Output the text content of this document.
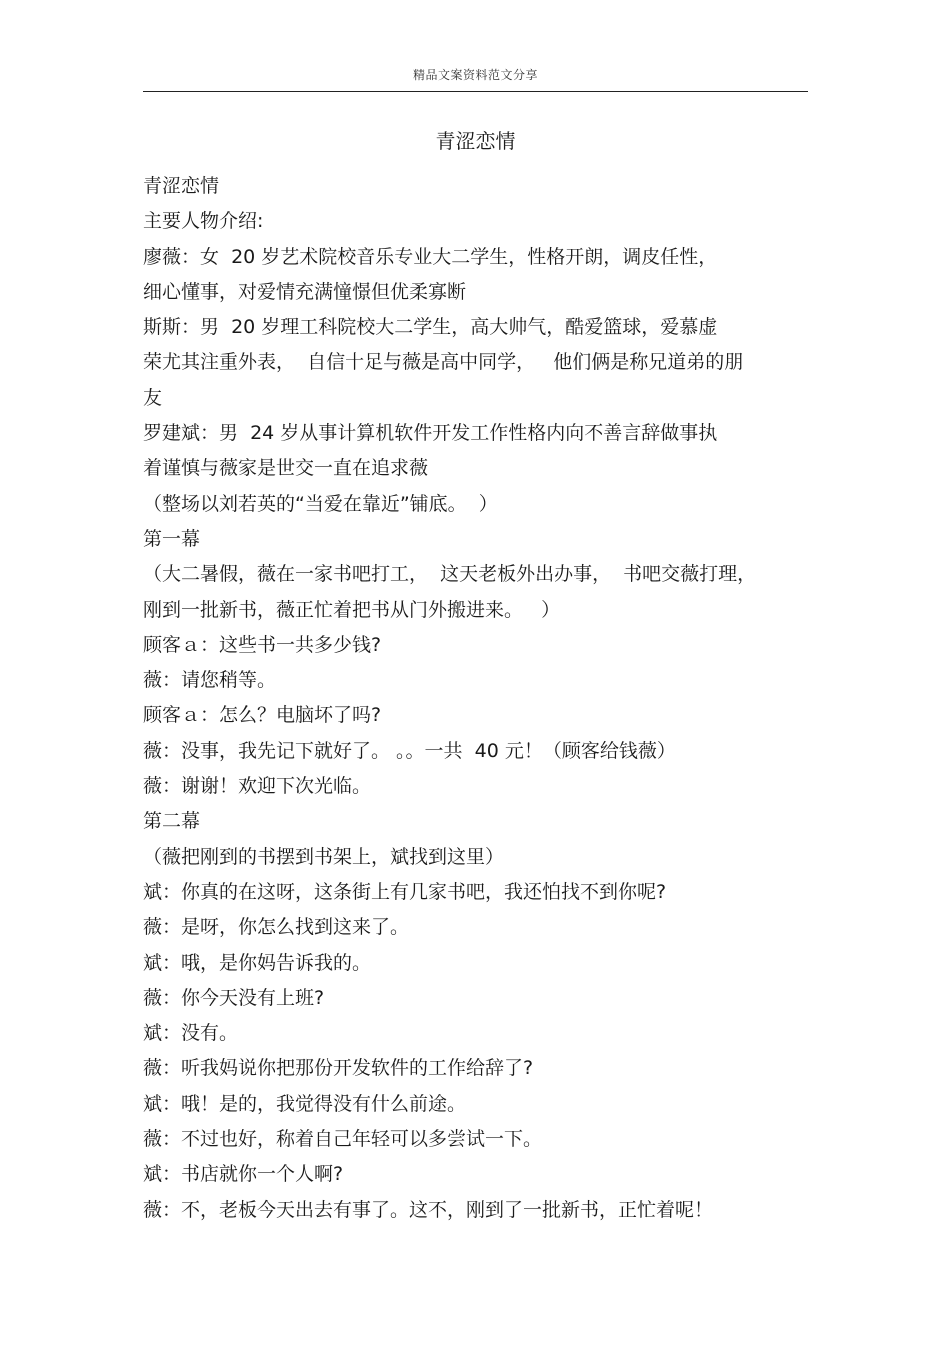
精品文案资料范文分享
青涩恋情
青涩恋情
主要人物介绍:
廖薇：女  20 岁艺术院校音乐专业大二学生，性格开朗，调皮任性，
细心懂事，对爱情充满憧憬但优柔寡断
斯斯：男  20 岁理工科院校大二学生，高大帅气，酷爱篮球，爱慕虚
荣尤其注重外表，  自信十足与薇是高中同学，   他们俩是称兄道弟的朋
友
罗建斌：男  24 岁从事计算机软件开发工作性格内向不善言辞做事执
着谨慎与薇家是世交一直在追求薇
（整场以刘若英的“当爱在靠近”铺底。  ）
第一幕
（大二暑假，薇在一家书吧打工，  这天老板外出办事，  书吧交薇打理，
刚到一批新书，薇正忙着把书从门外搬进来。   ）
顾客ａ：这些书一共多少钱?
薇：请您稍等。
顾客ａ：怎么？电脑坏了吗?
薇：没事，我先记下就好了。 。。一共  40 元！（顾客给钱薇）
薇：谢谢！欢迎下次光临。
第二幕
（薇把刚到的书摆到书架上，斌找到这里）
斌：你真的在这呀，这条街上有几家书吧，我还怕找不到你呢?
薇：是呀，你怎么找到这来了。
斌：哦，是你妈告诉我的。
薇：你今天没有上班?
斌：没有。
薇：听我妈说你把那份开发软件的工作给辞了?
斌：哦！是的，我觉得没有什么前途。
薇：不过也好，称着自己年轻可以多尝试一下。
斌：书店就你一个人啊?
薇：不，老板今天出去有事了。这不，刚到了一批新书，正忙着呢！
